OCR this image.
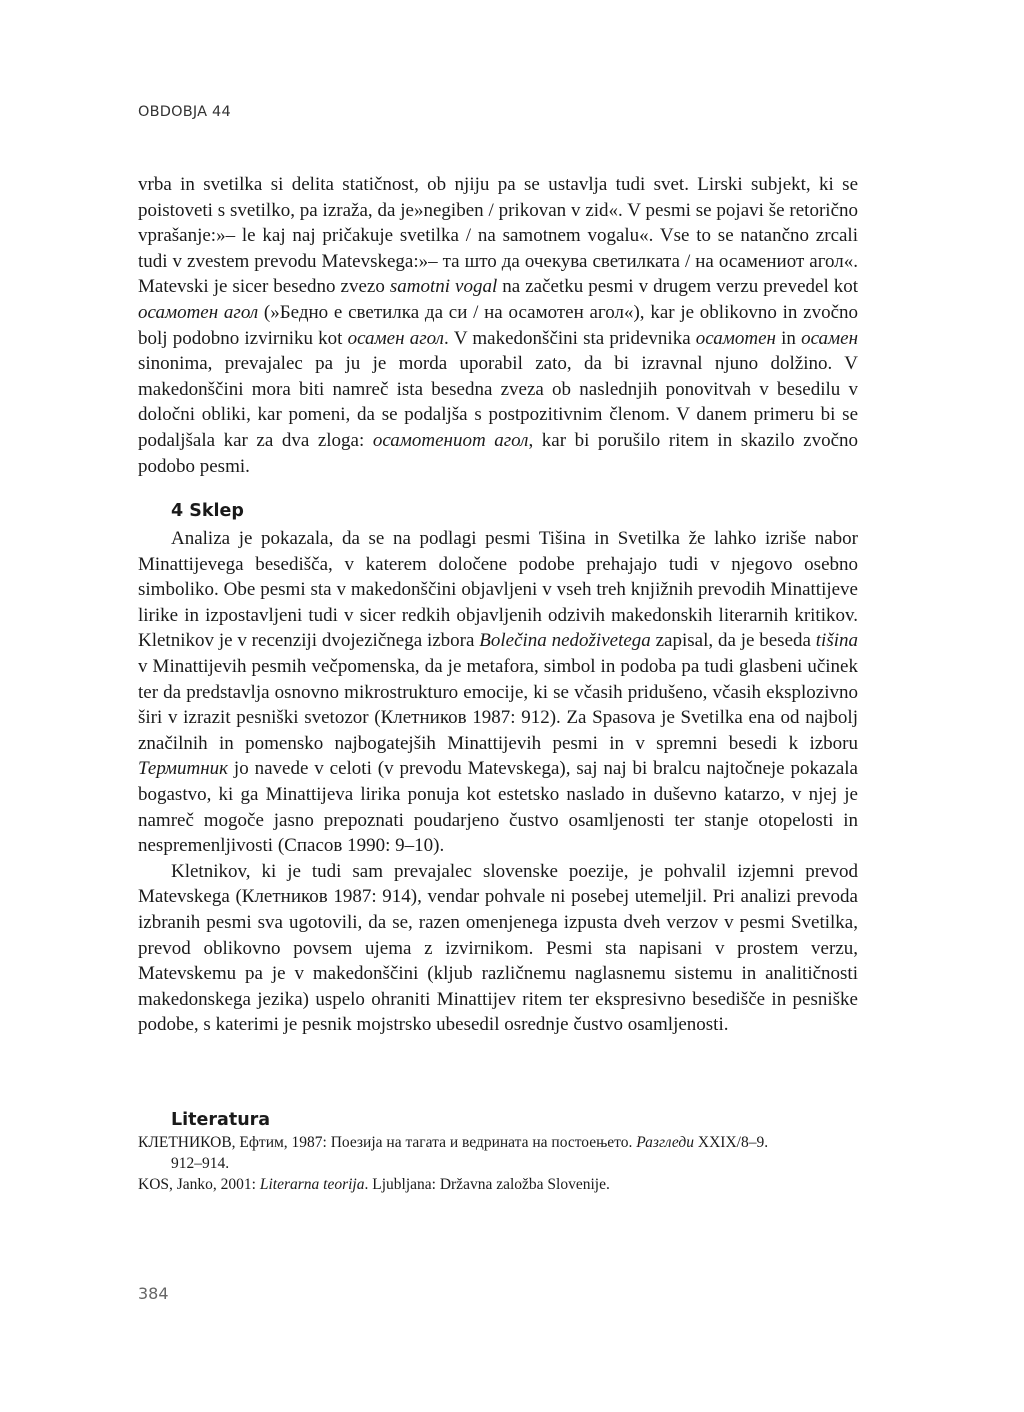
OBDOBJA 44

vrba in svetilka si delita statičnost, ob njiju pa se ustavlja tudi svet. Lirski subjekt, ki se poistoveti s svetilko, pa izraža, da je»negiben / prikovan v zid«. V pesmi se pojavi še retorično vprašanje:»– le kaj naj pričakuje svetilka / na samotnem vogalu«. Vse to se natančno zrcali tudi v zvestem prevodu Matevskega:»– та што да очекува светилката / на осамениот агол«. Matevski je sicer besedno zvezo samotni vogal na začetku pesmi v drugem verzu prevedel kot осамотен агол (»Бедно е светилка да си / на осамотен агол«), kar je oblikovno in zvočno bolj podobno izvirniku kot осамен агол. V makedonščini sta pridevnika осамотен in осамен sinonima, prevajalec pa ju je morda uporabil zato, da bi izravnal njuno dolžino. V makedonščini mora biti namreč ista besedna zveza ob naslednjih ponovitvah v besedilu v določni obliki, kar pomeni, da se podaljša s postpozitivnim členom. V danem primeru bi se podaljšala kar za dva zloga: осамотениот агол, kar bi porušilo ritem in skazilo zvočno podobo pesmi.

4 Sklep

Analiza je pokazala, da se na podlagi pesmi Tišina in Svetilka že lahko izriše nabor Minattijevega besedišča, v katerem določene podobe prehajajo tudi v njegovo osebno simboliko. Obe pesmi sta v makedonščini objavljeni v vseh treh knjižnih prevodih Minattijeve lirike in izpostavljeni tudi v sicer redkih objavljenih odzivih makedonskih literarnih kritikov. Kletnikov je v recenziji dvojezičnega izbora Bolečina nedoživetega zapisal, da je beseda tišina v Minattijevih pesmih večpomenska, da je metafora, simbol in podoba pa tudi glasbeni učinek ter da predstavlja osnovno mikrostrukturo emocije, ki se včasih pridušeno, včasih eksplozivno širi v izrazit pesniški svetozor (Клетников 1987: 912). Za Spasova je Svetilka ena od najbolj značilnih in pomensko najbogatejših Minattijevih pesmi in v spremni besedi k izboru Термитник jo navede v celoti (v prevodu Matevskega), saj naj bi bralcu najtočneje pokazala bogastvo, ki ga Minattijeva lirika ponuja kot estetsko naslado in duševno katarzo, v njej je namreč mogoče jasno prepoznati poudarjeno čustvo osamljenosti ter stanje otopelosti in nespremenljivosti (Спасов 1990: 9–10).

Kletnikov, ki je tudi sam prevajalec slovenske poezije, je pohvalil izjemni prevod Matevskega (Клетников 1987: 914), vendar pohvale ni posebej utemeljil. Pri analizi prevoda izbranih pesmi sva ugotovili, da se, razen omenjenega izpusta dveh verzov v pesmi Svetilka, prevod oblikovno povsem ujema z izvirnikom. Pesmi sta napisani v prostem verzu, Matevskemu pa je v makedonščini (kljub različnemu naglasnemu sistemu in analitičnosti makedonskega jezika) uspelo ohraniti Minattijev ritem ter ekspresivno besedišče in pesniške podobe, s katerimi je pesnik mojstrsko ubesedil osrednje čustvo osamljenosti.

Literatura

КЛЕТНИКОВ, Ефтим, 1987: Поезија на тагата и ведрината на постоењето. Разгледи XXIX/8–9.

912–914.

KOS, Janko, 2001: Literarna teorija. Ljubljana: Državna založba Slovenije.

384
